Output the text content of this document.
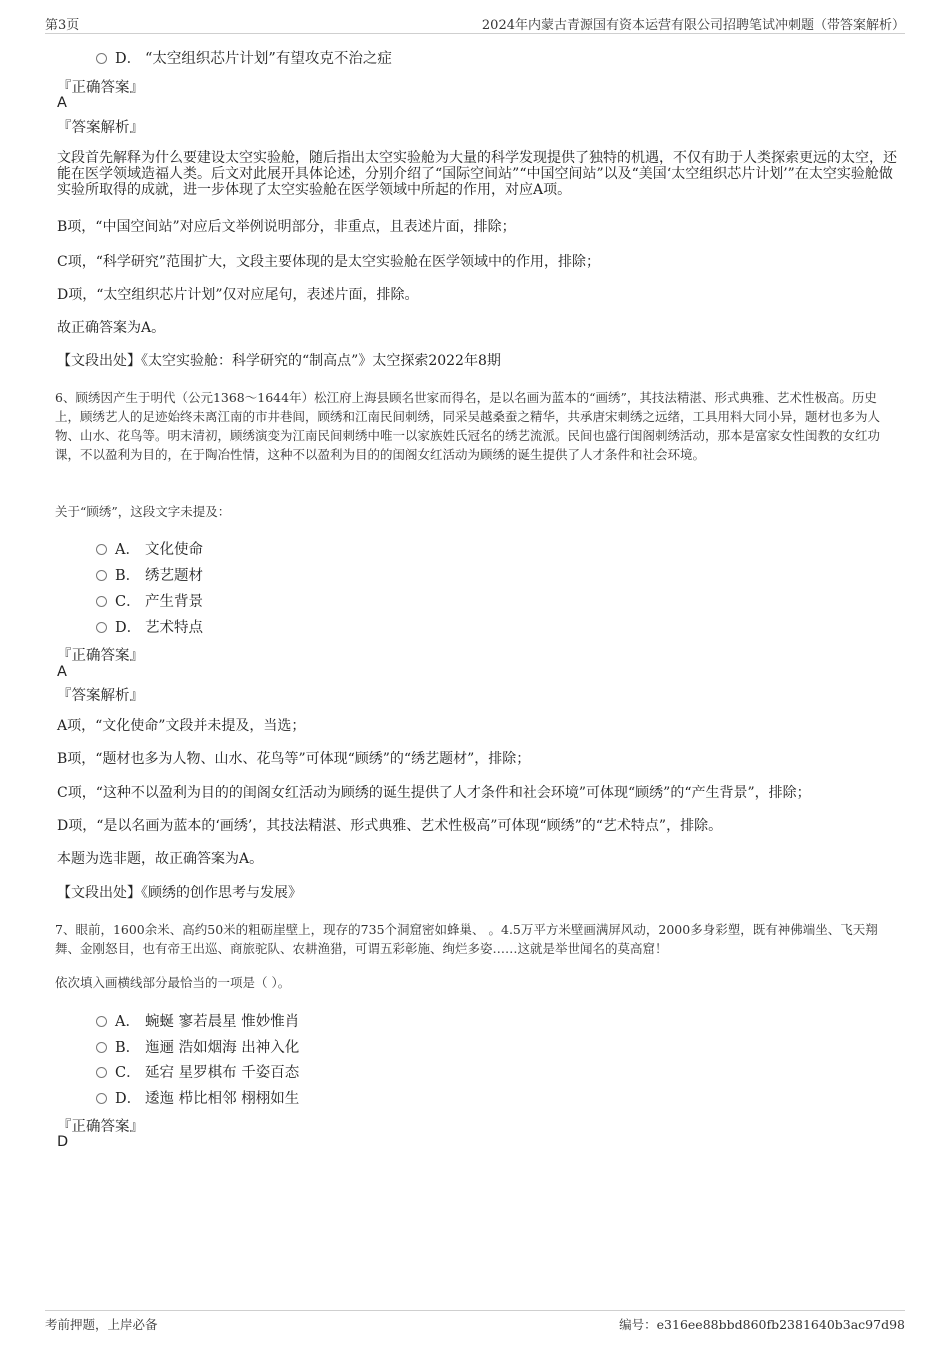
第3页	2024年内蒙古青源国有资本运营有限公司招聘笔试冲刺题（带答案解析）
D． “太空组织芯片计划”有望攻克不治之症
『正确答案』
A
『答案解析』
文段首先解释为什么要建设太空实验舱，随后指出太空实验舱为大量的科学发现提供了独特的机遇，不仅有助于人类探索更远的太空，还能在医学领域造福人类。后文对此展开具体论述，分别介绍了“国际空间站”“中国空间站”以及“美国‘太空组织芯片计划’”在太空实验舱做实验所取得的成就，进一步体现了太空实验舱在医学领域中所起的作用，对应A项。
B项，“中国空间站”对应后文举例说明部分，非重点，且表述片面，排除；
C项，“科学研究”范围扩大，文段主要体现的是太空实验舱在医学领域中的作用，排除；
D项，“太空组织芯片计划”仅对应尾句，表述片面，排除。
故正确答案为A。
【文段出处】《太空实验舱：科学研究的“制高点”》太空探索2022年8期
6、顾绣因产生于明代（公元1368～1644年）松江府上海县顾名世家而得名，是以名画为蓝本的“画绣”，其技法精湛、形式典雅、艺术性极高。历史上，顾绣艺人的足迹始终未离江南的市井巷闾，顾绣和江南民间刺绣，同采吴越桑蚕之精华，共承唐宋刺绣之远绪，工具用料大同小异，题材也多为人物、山水、花鸟等。明末清初，顾绣演变为江南民间刺绣中唯一以家族姓氏冠名的绣艺流派。民间也盛行闺阁刺绣活动，那本是富家女性闺教的女红功课，不以盈利为目的，在于陶冶性情，这种不以盈利为目的的闺阁女红活动为顾绣的诞生提供了人才条件和社会环境。
关于“顾绣”，这段文字未提及：
A． 文化使命
B． 绣艺题材
C． 产生背景
D． 艺术特点
『正确答案』
A
『答案解析』
A项，“文化使命”文段并未提及，当选；
B项，“题材也多为人物、山水、花鸟等”可体现“顾绣”的“绣艺题材”，排除；
C项，“这种不以盈利为目的的闺阁女红活动为顾绣的诞生提供了人才条件和社会环境”可体现“顾绣”的“产生背景”，排除；
D项，“是以名画为蓝本的‘画绣’，其技法精湛、形式典雅、艺术性极高”可体现“顾绣”的“艺术特点”，排除。
本题为选非题，故正确答案为A。
【文段出处】《顾绣的创作思考与发展》
7、眼前，1600余米、高约50米的粗砺崖壁上，现存的735个洞窟密如蜂巢、 。4.5万平方米壁画满屏风动，2000多身彩塑，既有神佛端坐、飞天翔舞、金刚怒目，也有帝王出巡、商旅驼队、农耕渔猎，可谓五彩彰施、绚烂多姿……这就是举世闻名的莫高窟！
依次填入画横线部分最恰当的一项是（ ）。
A． 蜿蜒 寥若晨星 惟妙惟肖
B． 迤逦 浩如烟海 出神入化
C． 延宕 星罗棋布 千姿百态
D． 逶迤 栉比相邻 栩栩如生
『正确答案』
D
考前押题，上岸必备	编号：e316ee88bbd860fb2381640b3ac97d98
